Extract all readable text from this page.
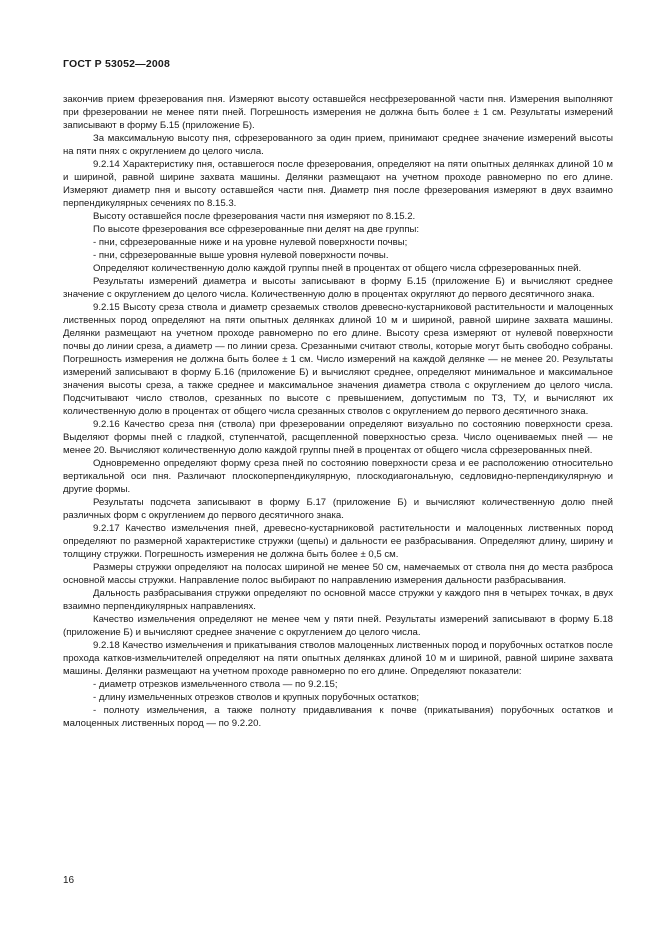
ГОСТ Р 53052—2008

закончив прием фрезерования пня. Измеряют высоту оставшейся несфрезерованной части пня. Измерения выполняют при фрезеровании не менее пяти пней. Погрешность измерения не должна быть более ± 1 см. Результаты измерений записывают в форму Б.15 (приложение Б).

За максимальную высоту пня, сфрезерованного за один прием, принимают среднее значение измерений высоты на пяти пнях с округлением до целого числа.

9.2.14 Характеристику пня, оставшегося после фрезерования, определяют на пяти опытных делянках длиной 10 м и шириной, равной ширине захвата машины. Делянки размещают на учетном проходе равномерно по его длине. Измеряют диаметр пня и высоту оставшейся части пня. Диаметр пня после фрезерования измеряют в двух взаимно перпендикулярных сечениях по 8.15.3.

Высоту оставшейся после фрезерования части пня измеряют по 8.15.2.

По высоте фрезерования все сфрезерованные пни делят на две группы:

- пни, сфрезерованные ниже и на уровне нулевой поверхности почвы;

- пни, сфрезерованные выше уровня нулевой поверхности почвы.

Определяют количественную долю каждой группы пней в процентах от общего числа сфрезерованных пней.

Результаты измерений диаметра и высоты записывают в форму Б.15 (приложение Б) и вычисляют среднее значение с округлением до целого числа. Количественную долю в процентах округляют до первого десятичного знака.

9.2.15 Высоту среза ствола и диаметр срезаемых стволов древесно-кустарниковой растительности и малоценных лиственных пород определяют на пяти опытных делянках длиной 10 м и шириной, равной ширине захвата машины. Делянки размещают на учетном проходе равномерно по его длине. Высоту среза измеряют от нулевой поверхности почвы до линии среза, а диаметр — по линии среза. Срезанными считают стволы, которые могут быть свободно собраны. Погрешность измерения не должна быть более ± 1 см. Число измерений на каждой делянке — не менее 20. Результаты измерений записывают в форму Б.16 (приложение Б) и вычисляют среднее, определяют минимальное и максимальное значения высоты среза, а также среднее и максимальное значения диаметра ствола с округлением до целого числа. Подсчитывают число стволов, срезанных по высоте с превышением, допустимым по ТЗ, ТУ, и вычисляют их количественную долю в процентах от общего числа срезанных стволов с округлением до первого десятичного знака.

9.2.16 Качество среза пня (ствола) при фрезеровании определяют визуально по состоянию поверхности среза. Выделяют формы пней с гладкой, ступенчатой, расщепленной поверхностью среза. Число оцениваемых пней — не менее 20. Вычисляют количественную долю каждой группы пней в процентах от общего числа сфрезерованных пней.

Одновременно определяют форму среза пней по состоянию поверхности среза и ее расположению относительно вертикальной оси пня. Различают плоскоперпендикулярную, плоскодиагональную, седловидно-перпендикулярную и другие формы.

Результаты подсчета записывают в форму Б.17 (приложение Б) и вычисляют количественную долю пней различных форм с округлением до первого десятичного знака.

9.2.17 Качество измельчения пней, древесно-кустарниковой растительности и малоценных лиственных пород определяют по размерной характеристике стружки (щепы) и дальности ее разбрасывания. Определяют длину, ширину и толщину стружки. Погрешность измерения не должна быть более ± 0,5 см.

Размеры стружки определяют на полосах шириной не менее 50 см, намечаемых от ствола пня до места разброса основной массы стружки. Направление полос выбирают по направлению измерения дальности разбрасывания.

Дальность разбрасывания стружки определяют по основной массе стружки у каждого пня в четырех точках, в двух взаимно перпендикулярных направлениях.

Качество измельчения определяют не менее чем у пяти пней. Результаты измерений записывают в форму Б.18 (приложение Б) и вычисляют среднее значение с округлением до целого числа.

9.2.18 Качество измельчения и прикатывания стволов малоценных лиственных пород и порубочных остатков после прохода катков-измельчителей определяют на пяти опытных делянках длиной 10 м и шириной, равной ширине захвата машины. Делянки размещают на учетном проходе равномерно по его длине. Определяют показатели:

- диаметр отрезков измельченного ствола — по 9.2.15;

- длину измельченных отрезков стволов и крупных порубочных остатков;

- полноту измельчения, а также полноту придавливания к почве (прикатывания) порубочных остатков и малоценных лиственных пород — по 9.2.20.

16
